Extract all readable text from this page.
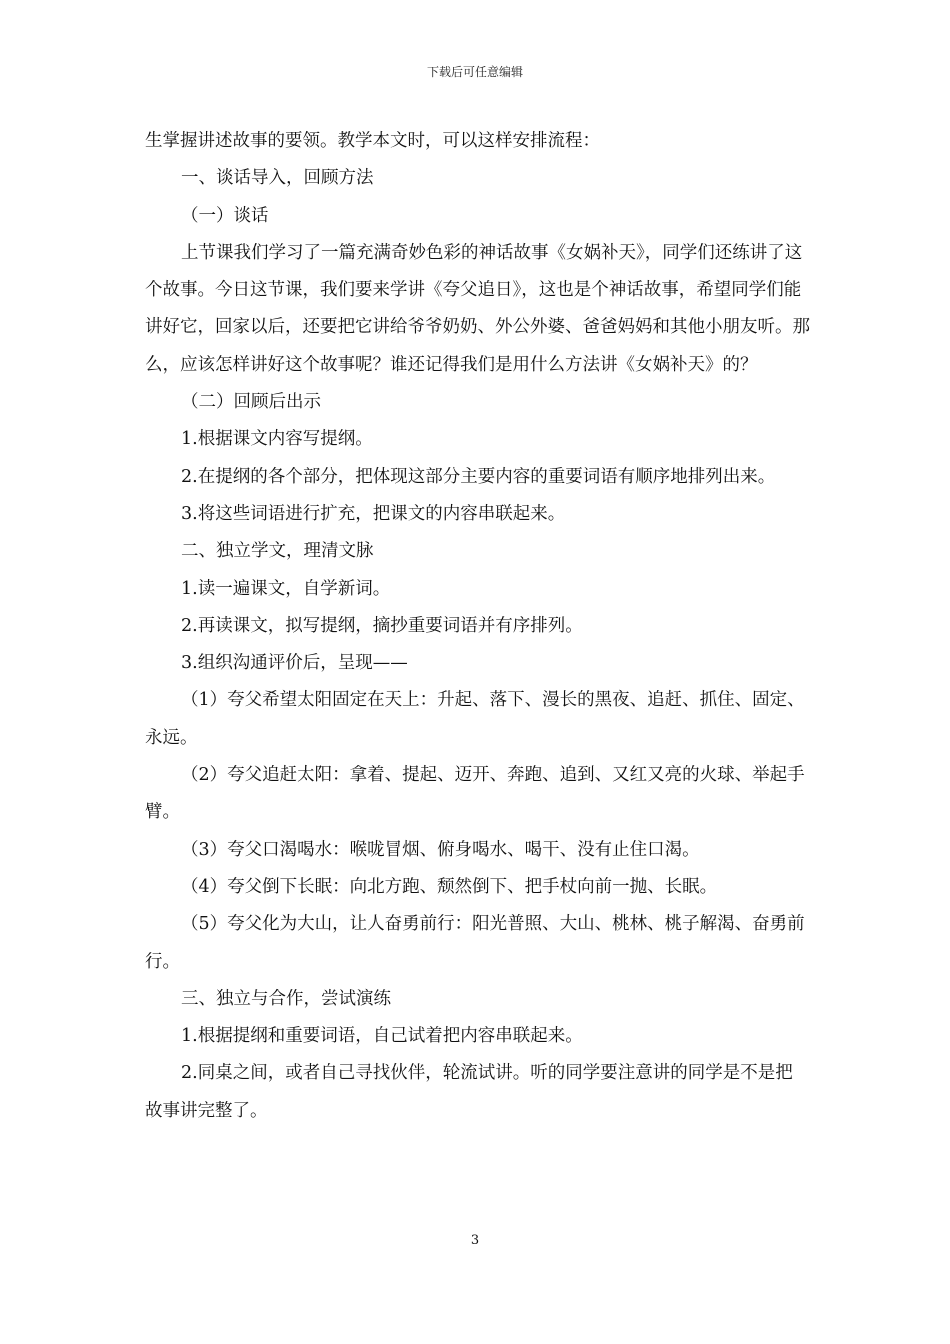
下载后可任意编辑

生掌握讲述故事的要领。教学本文时，可以这样安排流程：

一、谈话导入，回顾方法

（一）谈话

上节课我们学习了一篇充满奇妙色彩的神话故事《女娲补天》，同学们还练讲了这个故事。今日这节课，我们要来学讲《夸父追日》，这也是个神话故事，希望同学们能讲好它，回家以后，还要把它讲给爷爷奶奶、外公外婆、爸爸妈妈和其他小朋友听。那么，应该怎样讲好这个故事呢？谁还记得我们是用什么方法讲《女娲补天》的？

（二）回顾后出示

1.根据课文内容写提纲。

2.在提纲的各个部分，把体现这部分主要内容的重要词语有顺序地排列出来。

3.将这些词语进行扩充，把课文的内容串联起来。

二、独立学文，理清文脉

1.读一遍课文，自学新词。

2.再读课文，拟写提纲，摘抄重要词语并有序排列。

3.组织沟通评价后，呈现——

（1）夸父希望太阳固定在天上：升起、落下、漫长的黑夜、追赶、抓住、固定、永远。

（2）夸父追赶太阳：拿着、提起、迈开、奔跑、追到、又红又亮的火球、举起手臂。

（3）夸父口渴喝水：喉咙冒烟、俯身喝水、喝干、没有止住口渴。

（4）夸父倒下长眠：向北方跑、颓然倒下、把手杖向前一抛、长眠。

（5）夸父化为大山，让人奋勇前行：阳光普照、大山、桃林、桃子解渴、奋勇前行。

三、独立与合作，尝试演练

1.根据提纲和重要词语，自己试着把内容串联起来。

2.同桌之间，或者自己寻找伙伴，轮流试讲。听的同学要注意讲的同学是不是把故事讲完整了。

3
